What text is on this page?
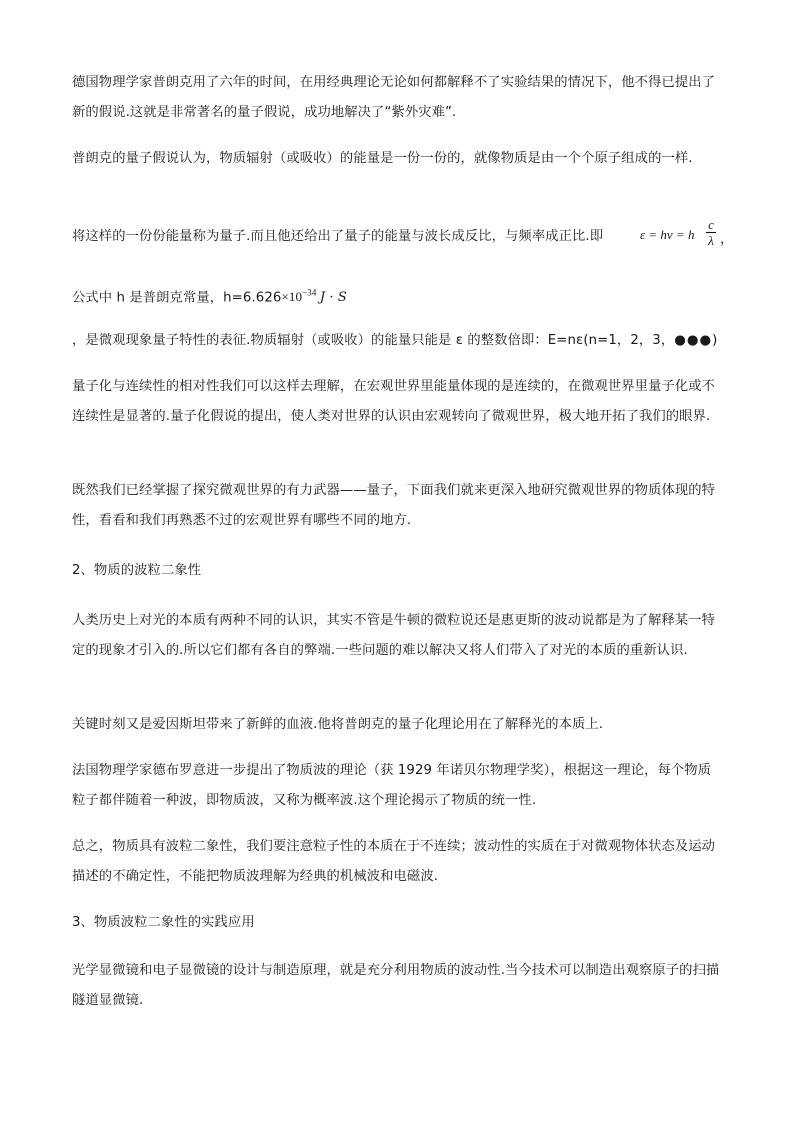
德国物理学家普朗克用了六年的时间，在用经典理论无论如何都解释不了实验结果的情况下，他不得已提出了新的假说.这就是非常著名的量子假说，成功地解决了“紫外灾难”.

普朗克的量子假说认为，物质辐射（或吸收）的能量是一份一份的，就像物质是由一个个原子组成的一样.

将这样的一份份能量称为量子.而且他还给出了量子的能量与波长成反比，与频率成正比.即	ε = hν = h
c
λ ，

公式中 h 是普朗克常量，$h=6.626\times 10^{-34}$ J · S

，是微观现象量子特性的表征.物质辐射（或吸收）的能量只能是 ε 的整数倍即：E=nε(n=1，2，3，●●●)

量子化与连续性的相对性我们可以这样去理解，在宏观世界里能量体现的是连续的，在微观世界里量子化或不连续性是显著的.量子化假说的提出，使人类对世界的认识由宏观转向了微观世界，极大地开拓了我们的眼界.

既然我们已经掌握了探究微观世界的有力武器——量子，下面我们就来更深入地研究微观世界的物质体现的特性，看看和我们再熟悉不过的宏观世界有哪些不同的地方.

2、物质的波粒二象性

人类历史上对光的本质有两种不同的认识，其实不管是牛顿的微粒说还是惠更斯的波动说都是为了解释某一特定的现象才引入的.所以它们都有各自的弊端.一些问题的难以解决又将人们带入了对光的本质的重新认识.

关键时刻又是爱因斯坦带来了新鲜的血液.他将普朗克的量子化理论用在了解释光的本质上.

法国物理学家德布罗意进一步提出了物质波的理论（获 1929 年诺贝尔物理学奖），根据这一理论，每个物质粒子都伴随着一种波，即物质波，又称为概率波.这个理论揭示了物质的统一性.

总之，物质具有波粒二象性，我们要注意粒子性的本质在于不连续；波动性的实质在于对微观物体状态及运动描述的不确定性，不能把物质波理解为经典的机械波和电磁波.

3、物质波粒二象性的实践应用

光学显微镜和电子显微镜的设计与制造原理，就是充分利用物质的波动性.当今技术可以制造出观察原子的扫描隧道显微镜.
